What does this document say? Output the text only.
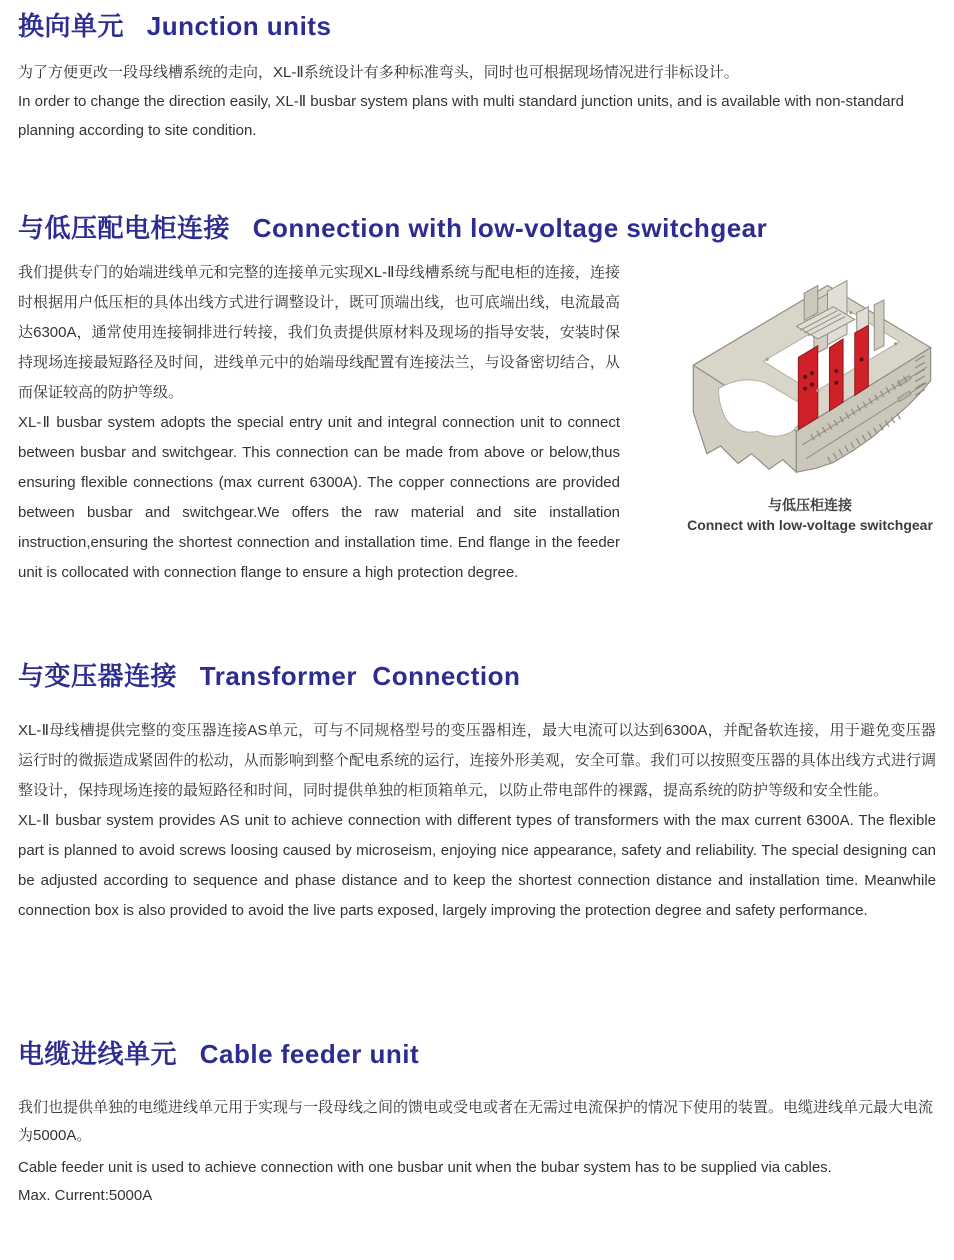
换向单元 Junction units

为了方便更改一段母线槽系统的走向，XL-Ⅱ系统设计有多种标准弯头，同时也可根据现场情况进行非标设计。

In order to change the direction easily, XL-Ⅱ busbar system plans with multi standard junction units, and is available with non-standard planning according to site condition.

与低压配电柜连接 Connection with low-voltage switchgear

我们提供专门的始端进线单元和完整的连接单元实现XL-Ⅱ母线槽系统与配电柜的连接，连接时根据用户低压柜的具体出线方式进行调整设计，既可顶端出线，也可底端出线，电流最高达6300A，通常使用连接铜排进行转接，我们负责提供原材料及现场的指导安装，安装时保持现场连接最短路径及时间，进线单元中的始端母线配置有连接法兰，与设备密切结合，从而保证较高的防护等级。

XL-Ⅱ busbar system adopts the special entry unit and integral connection unit to connect between busbar and switchgear. This connection can be made from above or below,thus ensuring flexible connections (max current 6300A). The copper connections are provided between busbar and switchgear.We offers the raw material and site installation instruction,ensuring the shortest connection and installation time. End flange in the feeder unit is collocated with connection flange to ensure a high protection degree.

与低压柜连接
Connect with low-voltage switchgear
与变压器连接 Transformer  Connection

XL-Ⅱ母线槽提供完整的变压器连接AS单元，可与不同规格型号的变压器相连，最大电流可以达到6300A，并配备软连接，用于避免变压器运行时的微振造成紧固件的松动，从而影响到整个配电系统的运行，连接外形美观，安全可靠。我们可以按照变压器的具体出线方式进行调整设计，保持现场连接的最短路径和时间，同时提供单独的柜顶箱单元，以防止带电部件的裸露，提高系统的防护等级和安全性能。

XL-Ⅱ busbar system provides AS unit to achieve connection with different types of transformers with the max current 6300A. The flexible part is planned to avoid screws loosing caused by microseism, enjoying nice appearance, safety and reliability. The special designing can be adjusted according to sequence and phase distance and to keep the shortest connection distance and installation time. Meanwhile connection box is also provided to avoid the live parts exposed, largely improving the protection degree and safety performance.

电缆进线单元 Cable feeder unit

我们也提供单独的电缆进线单元用于实现与一段母线之间的馈电或受电或者在无需过电流保护的情况下使用的装置。电缆进线单元最大电流为5000A。

Cable feeder unit is used to achieve connection with one busbar unit when the bubar system has to be supplied via cables.

Max. Current:5000A
